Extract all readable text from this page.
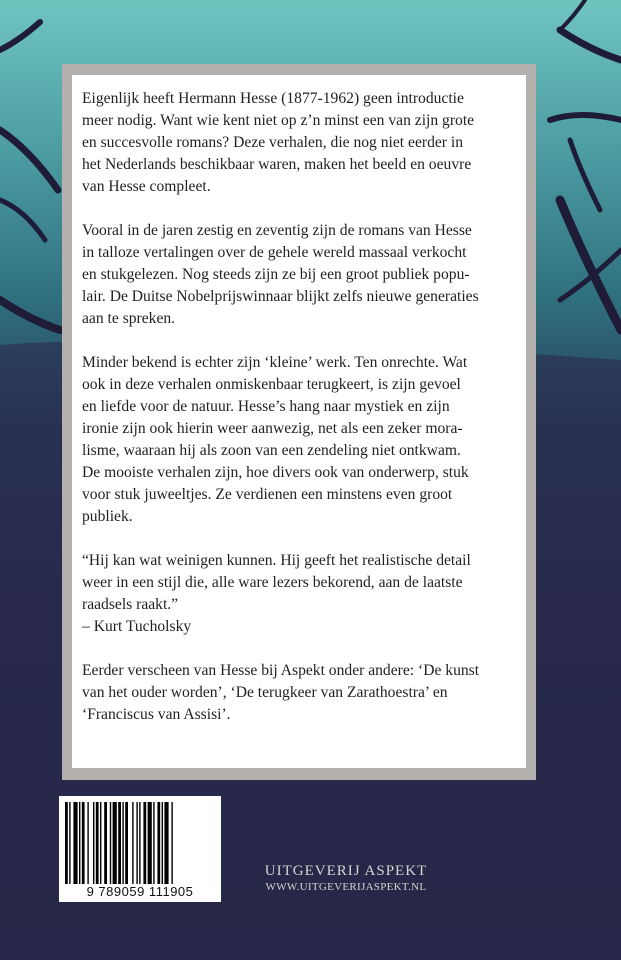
Eigenlijk heeft Hermann Hesse (1877-1962) geen introductie
meer nodig. Want wie kent niet op z’n minst een van zijn grote
en succesvolle romans? Deze verhalen, die nog niet eerder in
het Nederlands beschikbaar waren, maken het beeld en oeuvre
van Hesse compleet.

Vooral in de jaren zestig en zeventig zijn de romans van Hesse
in talloze vertalingen over de gehele wereld massaal verkocht
en stukgelezen. Nog steeds zijn ze bij een groot publiek popu-
lair. De Duitse Nobelprijswinnaar blijkt zelfs nieuwe generaties
aan te spreken.

Minder bekend is echter zijn ‘kleine’ werk. Ten onrechte. Wat
ook in deze verhalen onmiskenbaar terugkeert, is zijn gevoel
en liefde voor de natuur. Hesse’s hang naar mystiek en zijn
ironie zijn ook hierin weer aanwezig, net als een zeker mora-
lisme, waaraan hij als zoon van een zendeling niet ontkwam.
De mooiste verhalen zijn, hoe divers ook van onderwerp, stuk
voor stuk juweeltjes. Ze verdienen een minstens even groot
publiek.

“Hij kan wat weinigen kunnen. Hij geeft het realistische detail
weer in een stijl die, alle ware lezers bekorend, aan de laatste
raadsels raakt.”
– Kurt Tucholsky

Eerder verscheen van Hesse bij Aspekt onder andere: ‘De kunst
van het ouder worden’, ‘De terugkeer van Zarathoestra’ en
‘Franciscus van Assisi’.

9 789059 111905
UITGEVERIJ ASPEKT
WWW.UITGEVERIJASPEKT.NL
